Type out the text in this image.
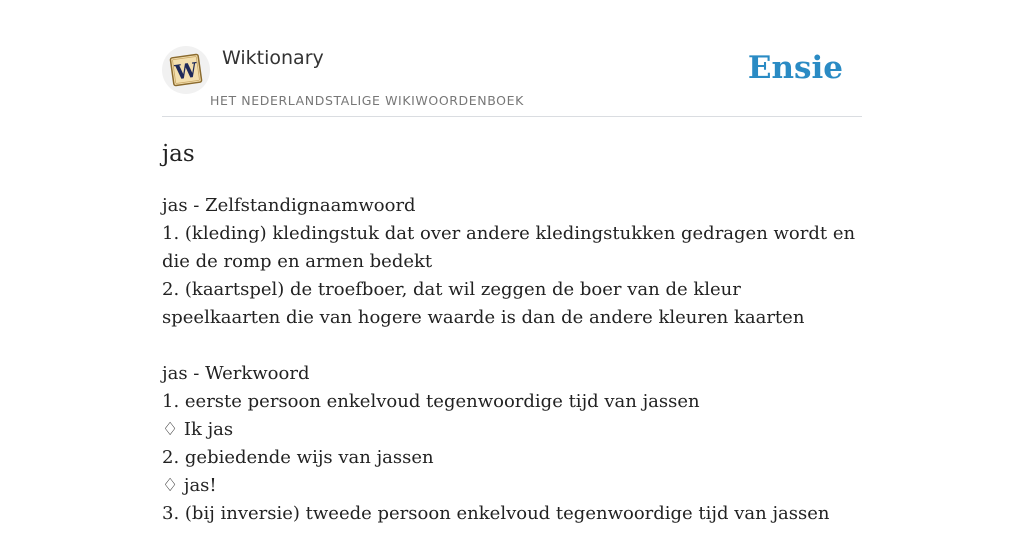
W Wiktionary
HET NEDERLANDSTALIGE WIKIWOORDENBOEK
Ensie
jas
jas - Zelfstandignaamwoord
1. (kleding) kledingstuk dat over andere kledingstukken gedragen wordt en die de romp en armen bedekt
2. (kaartspel) de troefboer, dat wil zeggen de boer van de kleur speelkaarten die van hogere waarde is dan de andere kleuren kaarten
jas - Werkwoord
1. eerste persoon enkelvoud tegenwoordige tijd van jassen
♢ Ik jas
2. gebiedende wijs van jassen
♢ jas!
3. (bij inversie) tweede persoon enkelvoud tegenwoordige tijd van jassen
